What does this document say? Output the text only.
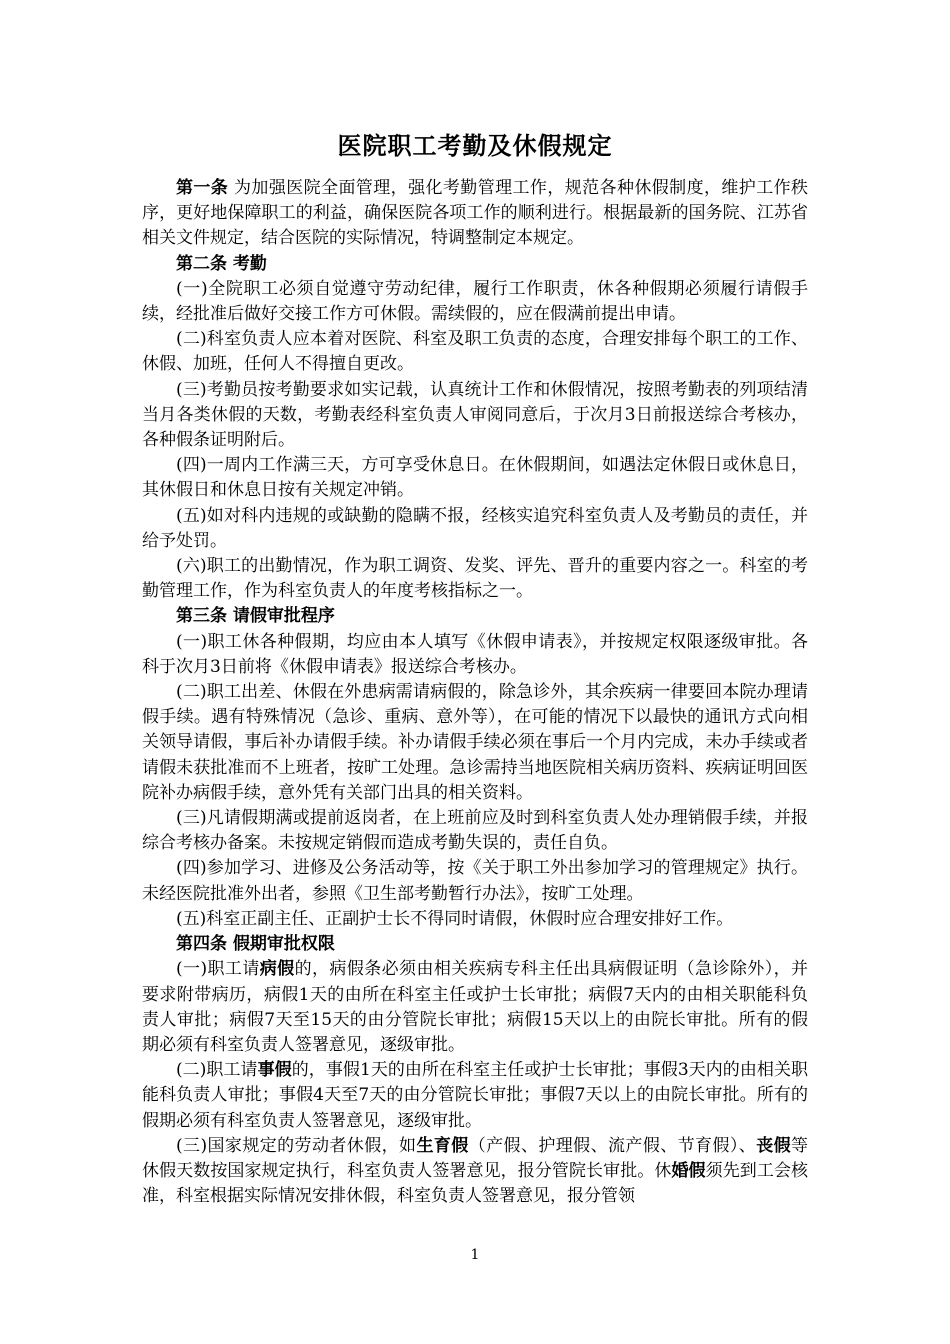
医院职工考勤及休假规定

第一条 为加强医院全面管理，强化考勤管理工作，规范各种休假制度，维护工作秩序，更好地保障职工的利益，确保医院各项工作的顺利进行。根据最新的国务院、江苏省相关文件规定，结合医院的实际情况，特调整制定本规定。

第二条 考勤

(一)全院职工必须自觉遵守劳动纪律，履行工作职责，休各种假期必须履行请假手续，经批准后做好交接工作方可休假。需续假的，应在假满前提出申请。

(二)科室负责人应本着对医院、科室及职工负责的态度，合理安排每个职工的工作、休假、加班，任何人不得擅自更改。

(三)考勤员按考勤要求如实记载，认真统计工作和休假情况，按照考勤表的列项结清当月各类休假的天数，考勤表经科室负责人审阅同意后，于次月3日前报送综合考核办，各种假条证明附后。

(四)一周内工作满三天，方可享受休息日。在休假期间，如遇法定休假日或休息日，其休假日和休息日按有关规定冲销。

(五)如对科内违规的或缺勤的隐瞒不报，经核实追究科室负责人及考勤员的责任，并给予处罚。

(六)职工的出勤情况，作为职工调资、发奖、评先、晋升的重要内容之一。科室的考勤管理工作，作为科室负责人的年度考核指标之一。

第三条 请假审批程序

(一)职工休各种假期，均应由本人填写《休假申请表》，并按规定权限逐级审批。各科于次月3日前将《休假申请表》报送综合考核办。

(二)职工出差、休假在外患病需请病假的，除急诊外，其余疾病一律要回本院办理请假手续。遇有特殊情况（急诊、重病、意外等），在可能的情况下以最快的通讯方式向相关领导请假，事后补办请假手续。补办请假手续必须在事后一个月内完成，未办手续或者请假未获批准而不上班者，按旷工处理。急诊需持当地医院相关病历资料、疾病证明回医院补办病假手续，意外凭有关部门出具的相关资料。

(三)凡请假期满或提前返岗者，在上班前应及时到科室负责人处办理销假手续，并报综合考核办备案。未按规定销假而造成考勤失误的，责任自负。

(四)参加学习、进修及公务活动等，按《关于职工外出参加学习的管理规定》执行。未经医院批准外出者，参照《卫生部考勤暂行办法》，按旷工处理。

(五)科室正副主任、正副护士长不得同时请假，休假时应合理安排好工作。

第四条 假期审批权限

(一)职工请病假的，病假条必须由相关疾病专科主任出具病假证明（急诊除外），并要求附带病历，病假1天的由所在科室主任或护士长审批；病假7天内的由相关职能科负责人审批；病假7天至15天的由分管院长审批；病假15天以上的由院长审批。所有的假期必须有科室负责人签署意见，逐级审批。

(二)职工请事假的，事假1天的由所在科室主任或护士长审批；事假3天内的由相关职能科负责人审批；事假4天至7天的由分管院长审批；事假7天以上的由院长审批。所有的假期必须有科室负责人签署意见，逐级审批。

(三)国家规定的劳动者休假，如生育假（产假、护理假、流产假、节育假）、丧假等休假天数按国家规定执行，科室负责人签署意见，报分管院长审批。休婚假须先到工会核准，科室根据实际情况安排休假，科室负责人签署意见，报分管领

1
